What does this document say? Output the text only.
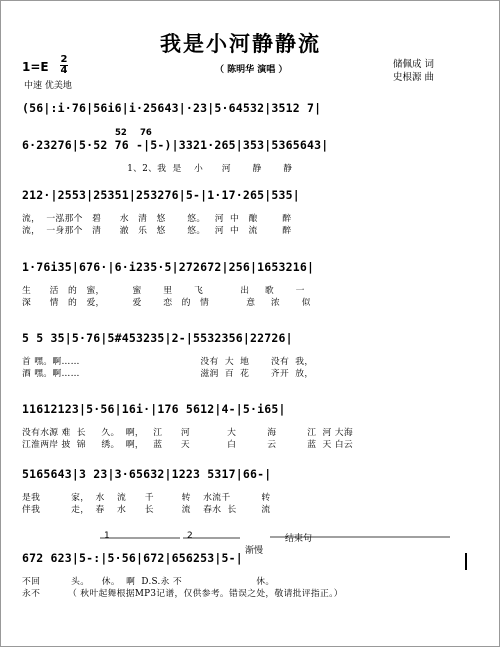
我是小河静静流
1=E
2
4
中速 优美地
（ 陈明华 演唱 ）	储佩成 词
史根源 曲
(56|:i·76|56i6|i·25643|·23|5·64532|3512 7|
6·23276|5·52 76 -|5-)|3321·265|353|5365643|
1、2、我  是    小      河       静       静
212·|2553|25351|253276|5-|1·17·265|535|
流，  一泓那个   碧      水   清   悠       悠。   河  中   酿        醉
流，  一身那个   清      澈   乐   悠       悠。   河  中   流        醉
1·76i35|676·|6·i235·5|272672|256|1653216|
生      活   的   蜜，         蜜       里       飞            出     歌       一
深      情   的   爱，         爱       恋   的   情            意     浓       似
5 5 35|5·76|5#453235|2-|5532356|22726|
首 嘿。啊……                                       没有  大  地       没有  我，
酒 嘿。啊……                                       滋润  百  花       齐开  放，
11612123|5·56|16i·|176 5612|4-|5·i65|
没有水源 难  长     久。  啊，   江      河            大          海          江  河 大海
江淮两岸 披  锦     绣。  啊，   蓝      天            白          云          蓝  天 白云
5165643|3 23|3·65632|1223 5317|66-|
是我          家，  水    流      千         转    水流千          转
伴我          走，  春    水      长         流    春水  长        流
672 623|5-:|5·56|672|656253|5-|
不回          头。    休。  啊  D.S.永 不                        休。
永不         （ 秋叶起舞根据MP3记谱，仅供参考。错误之处，敬请批评指正。）
52 76
1	2
渐慢
结束句
